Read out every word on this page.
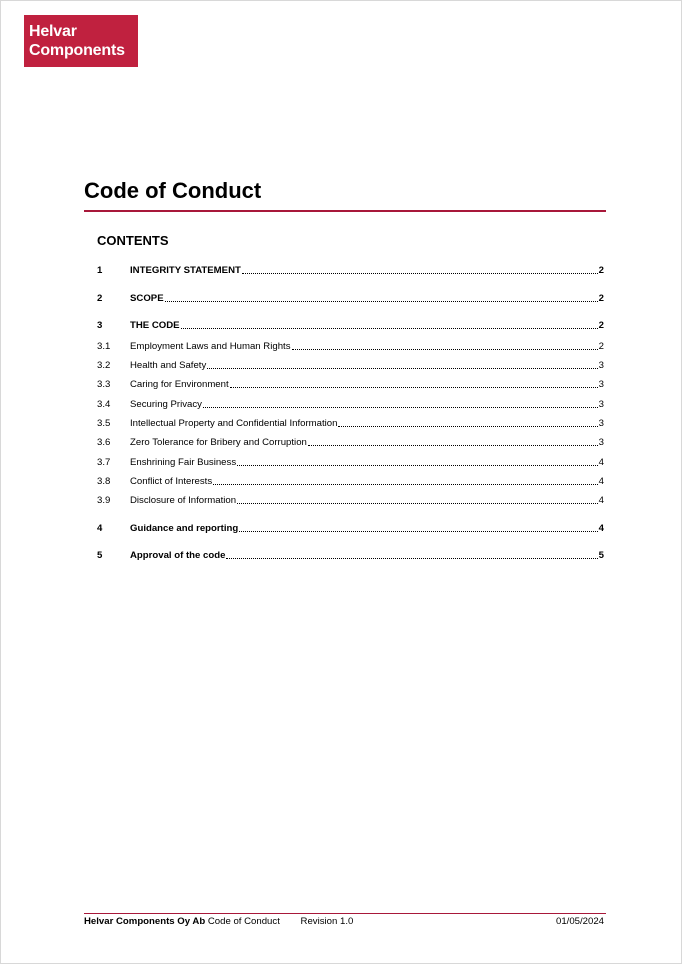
Helvar
Components
Code of Conduct
CONTENTS
1	INTEGRITY STATEMENT	2
2	SCOPE	2
3	THE CODE	2
3.1	Employment Laws and Human Rights	2
3.2	Health and Safety	3
3.3	Caring for Environment	3
3.4	Securing Privacy	3
3.5	Intellectual Property and Confidential Information	3
3.6	Zero Tolerance for Bribery and Corruption	3
3.7	Enshrining Fair Business	4
3.8	Conflict of Interests	4
3.9	Disclosure of Information	4
4	Guidance and reporting	4
5	Approval of the code	5
Helvar Components Oy Ab Code of Conduct Revision 1.0	01/05/2024
